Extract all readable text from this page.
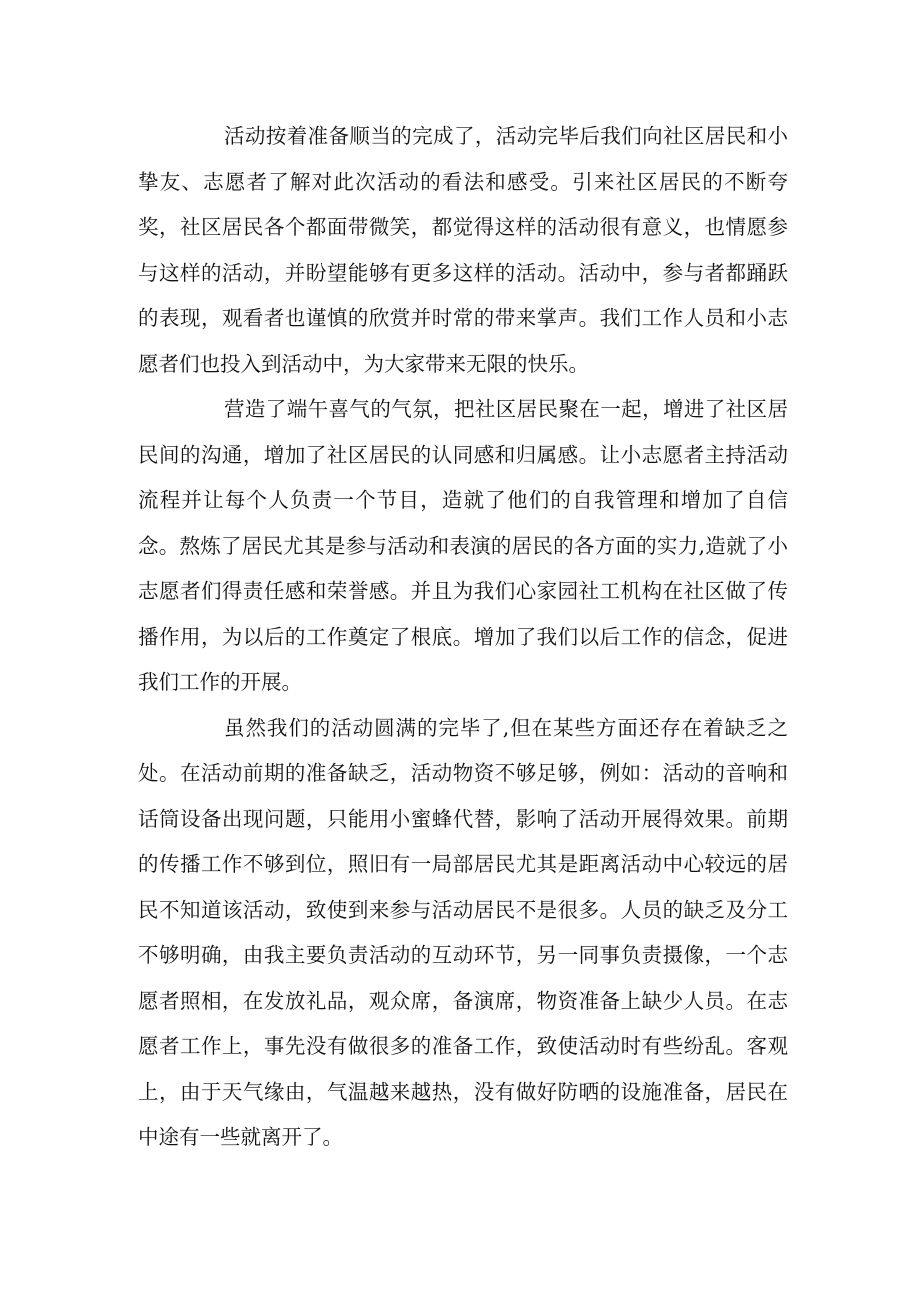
活动按着准备顺当的完成了，活动完毕后我们向社区居民和小挚友、志愿者了解对此次活动的看法和感受。引来社区居民的不断夸奖，社区居民各个都面带微笑，都觉得这样的活动很有意义，也情愿参与这样的活动，并盼望能够有更多这样的活动。活动中，参与者都踊跃的表现，观看者也谨慎的欣赏并时常的带来掌声。我们工作人员和小志愿者们也投入到活动中，为大家带来无限的快乐。

营造了端午喜气的气氛，把社区居民聚在一起，增进了社区居民间的沟通，增加了社区居民的认同感和归属感。让小志愿者主持活动流程并让每个人负责一个节目，造就了他们的自我管理和增加了自信念。熬炼了居民尤其是参与活动和表演的居民的各方面的实力,造就了小志愿者们得责任感和荣誉感。并且为我们心家园社工机构在社区做了传播作用，为以后的工作奠定了根底。增加了我们以后工作的信念，促进我们工作的开展。

虽然我们的活动圆满的完毕了,但在某些方面还存在着缺乏之处。在活动前期的准备缺乏，活动物资不够足够，例如：活动的音响和话筒设备出现问题，只能用小蜜蜂代替，影响了活动开展得效果。前期的传播工作不够到位，照旧有一局部居民尤其是距离活动中心较远的居民不知道该活动，致使到来参与活动居民不是很多。人员的缺乏及分工不够明确，由我主要负责活动的互动环节，另一同事负责摄像，一个志愿者照相，在发放礼品，观众席，备演席，物资准备上缺少人员。在志愿者工作上，事先没有做很多的准备工作，致使活动时有些纷乱。客观上，由于天气缘由，气温越来越热，没有做好防晒的设施准备，居民在中途有一些就离开了。
